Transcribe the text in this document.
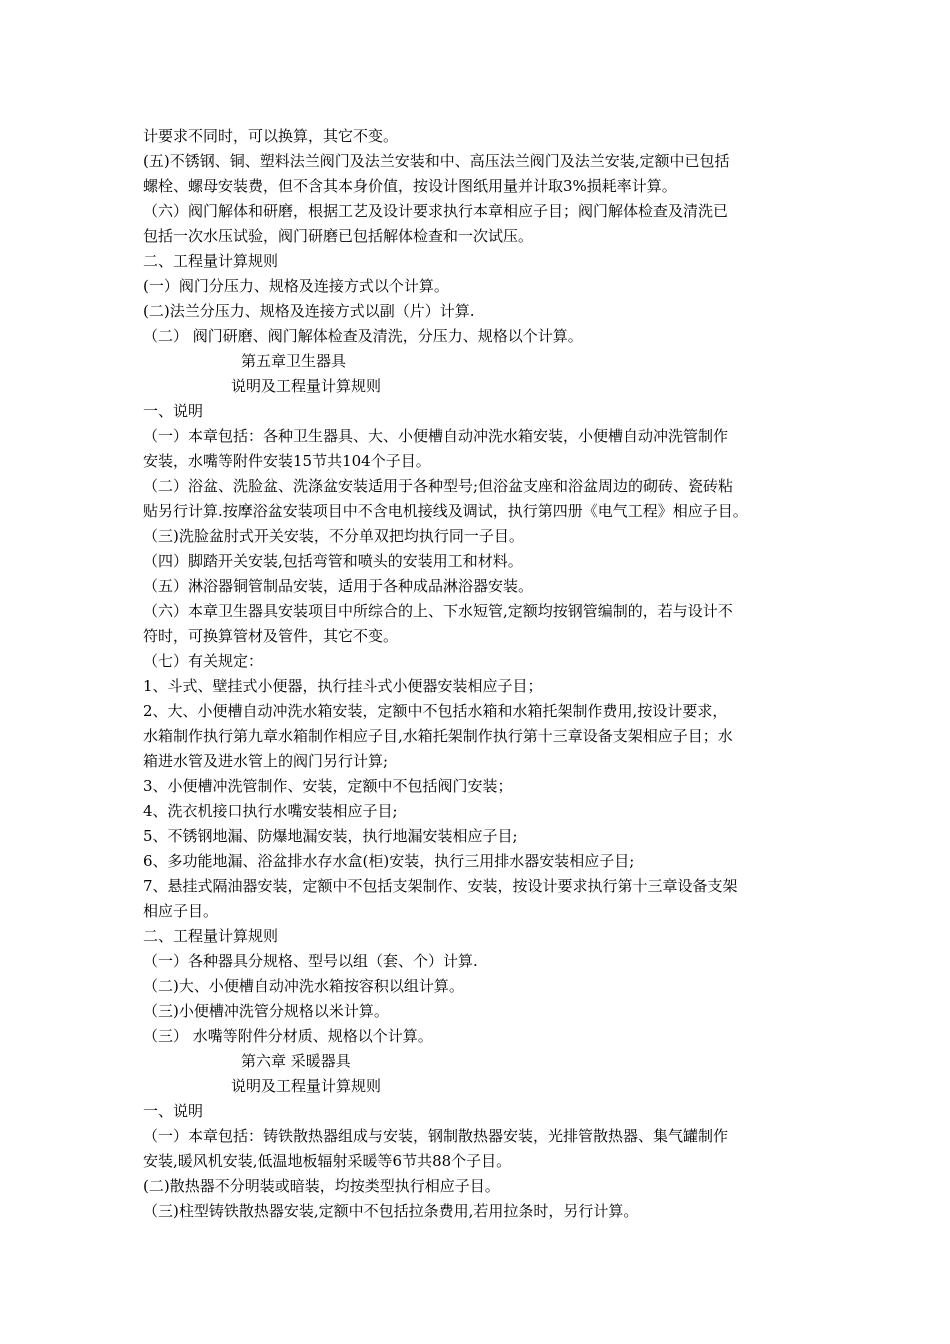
计要求不同时，可以换算，其它不变。
(五)不锈钢、铜、塑料法兰阀门及法兰安装和中、高压法兰阀门及法兰安装,定额中已包括
螺栓、螺母安装费，但不含其本身价值，按设计图纸用量并计取3%损耗率计算。
（六）阀门解体和研磨，根据工艺及设计要求执行本章相应子目；阀门解体检查及清洗已
包括一次水压试验，阀门研磨已包括解体检查和一次试压。
二、工程量计算规则
(一）阀门分压力、规格及连接方式以个计算。
(二)法兰分压力、规格及连接方式以副（片）计算.
（二） 阀门研磨、阀门解体检查及清洗，分压力、规格以个计算。
第五章卫生器具
说明及工程量计算规则
一、说明
（一）本章包括：各种卫生器具、大、小便槽自动冲洗水箱安装，小便槽自动冲洗管制作
安装，水嘴等附件安装15节共104个子目。
（二）浴盆、洗脸盆、洗涤盆安装适用于各种型号;但浴盆支座和浴盆周边的砌砖、瓷砖粘
贴另行计算.按摩浴盆安装项目中不含电机接线及调试，执行第四册《电气工程》相应子目。
（三)洗脸盆肘式开关安装，不分单双把均执行同一子目。
（四）脚踏开关安装,包括弯管和喷头的安装用工和材料。
（五）淋浴器铜管制品安装，适用于各种成品淋浴器安装。
（六）本章卫生器具安装项目中所综合的上、下水短管,定额均按钢管编制的，若与设计不
符时，可换算管材及管件，其它不变。
（七）有关规定：
1、斗式、壁挂式小便器，执行挂斗式小便器安装相应子目；
2、大、小便槽自动冲洗水箱安装，定额中不包括水箱和水箱托架制作费用,按设计要求，
水箱制作执行第九章水箱制作相应子目,水箱托架制作执行第十三章设备支架相应子目；水
箱进水管及进水管上的阀门另行计算;
3、小便槽冲洗管制作、安装，定额中不包括阀门安装；
4、洗衣机接口执行水嘴安装相应子目;
5、不锈钢地漏、防爆地漏安装，执行地漏安装相应子目;
6、多功能地漏、浴盆排水存水盒(柜)安装，执行三用排水器安装相应子目;
7、悬挂式隔油器安装，定额中不包括支架制作、安装，按设计要求执行第十三章设备支架
相应子目。
二、工程量计算规则
（一）各种器具分规格、型号以组（套、个）计算.
（二)大、小便槽自动冲洗水箱按容积以组计算。
（三)小便槽冲洗管分规格以米计算。
（三） 水嘴等附件分材质、规格以个计算。
第六章 采暖器具
说明及工程量计算规则
一、说明
（一）本章包括：铸铁散热器组成与安装，钢制散热器安装，光排管散热器、集气罐制作
安装,暖风机安装,低温地板辐射采暖等6节共88个子目。
(二)散热器不分明装或暗装，均按类型执行相应子目。
（三)柱型铸铁散热器安装,定额中不包括拉条费用,若用拉条时，另行计算。
